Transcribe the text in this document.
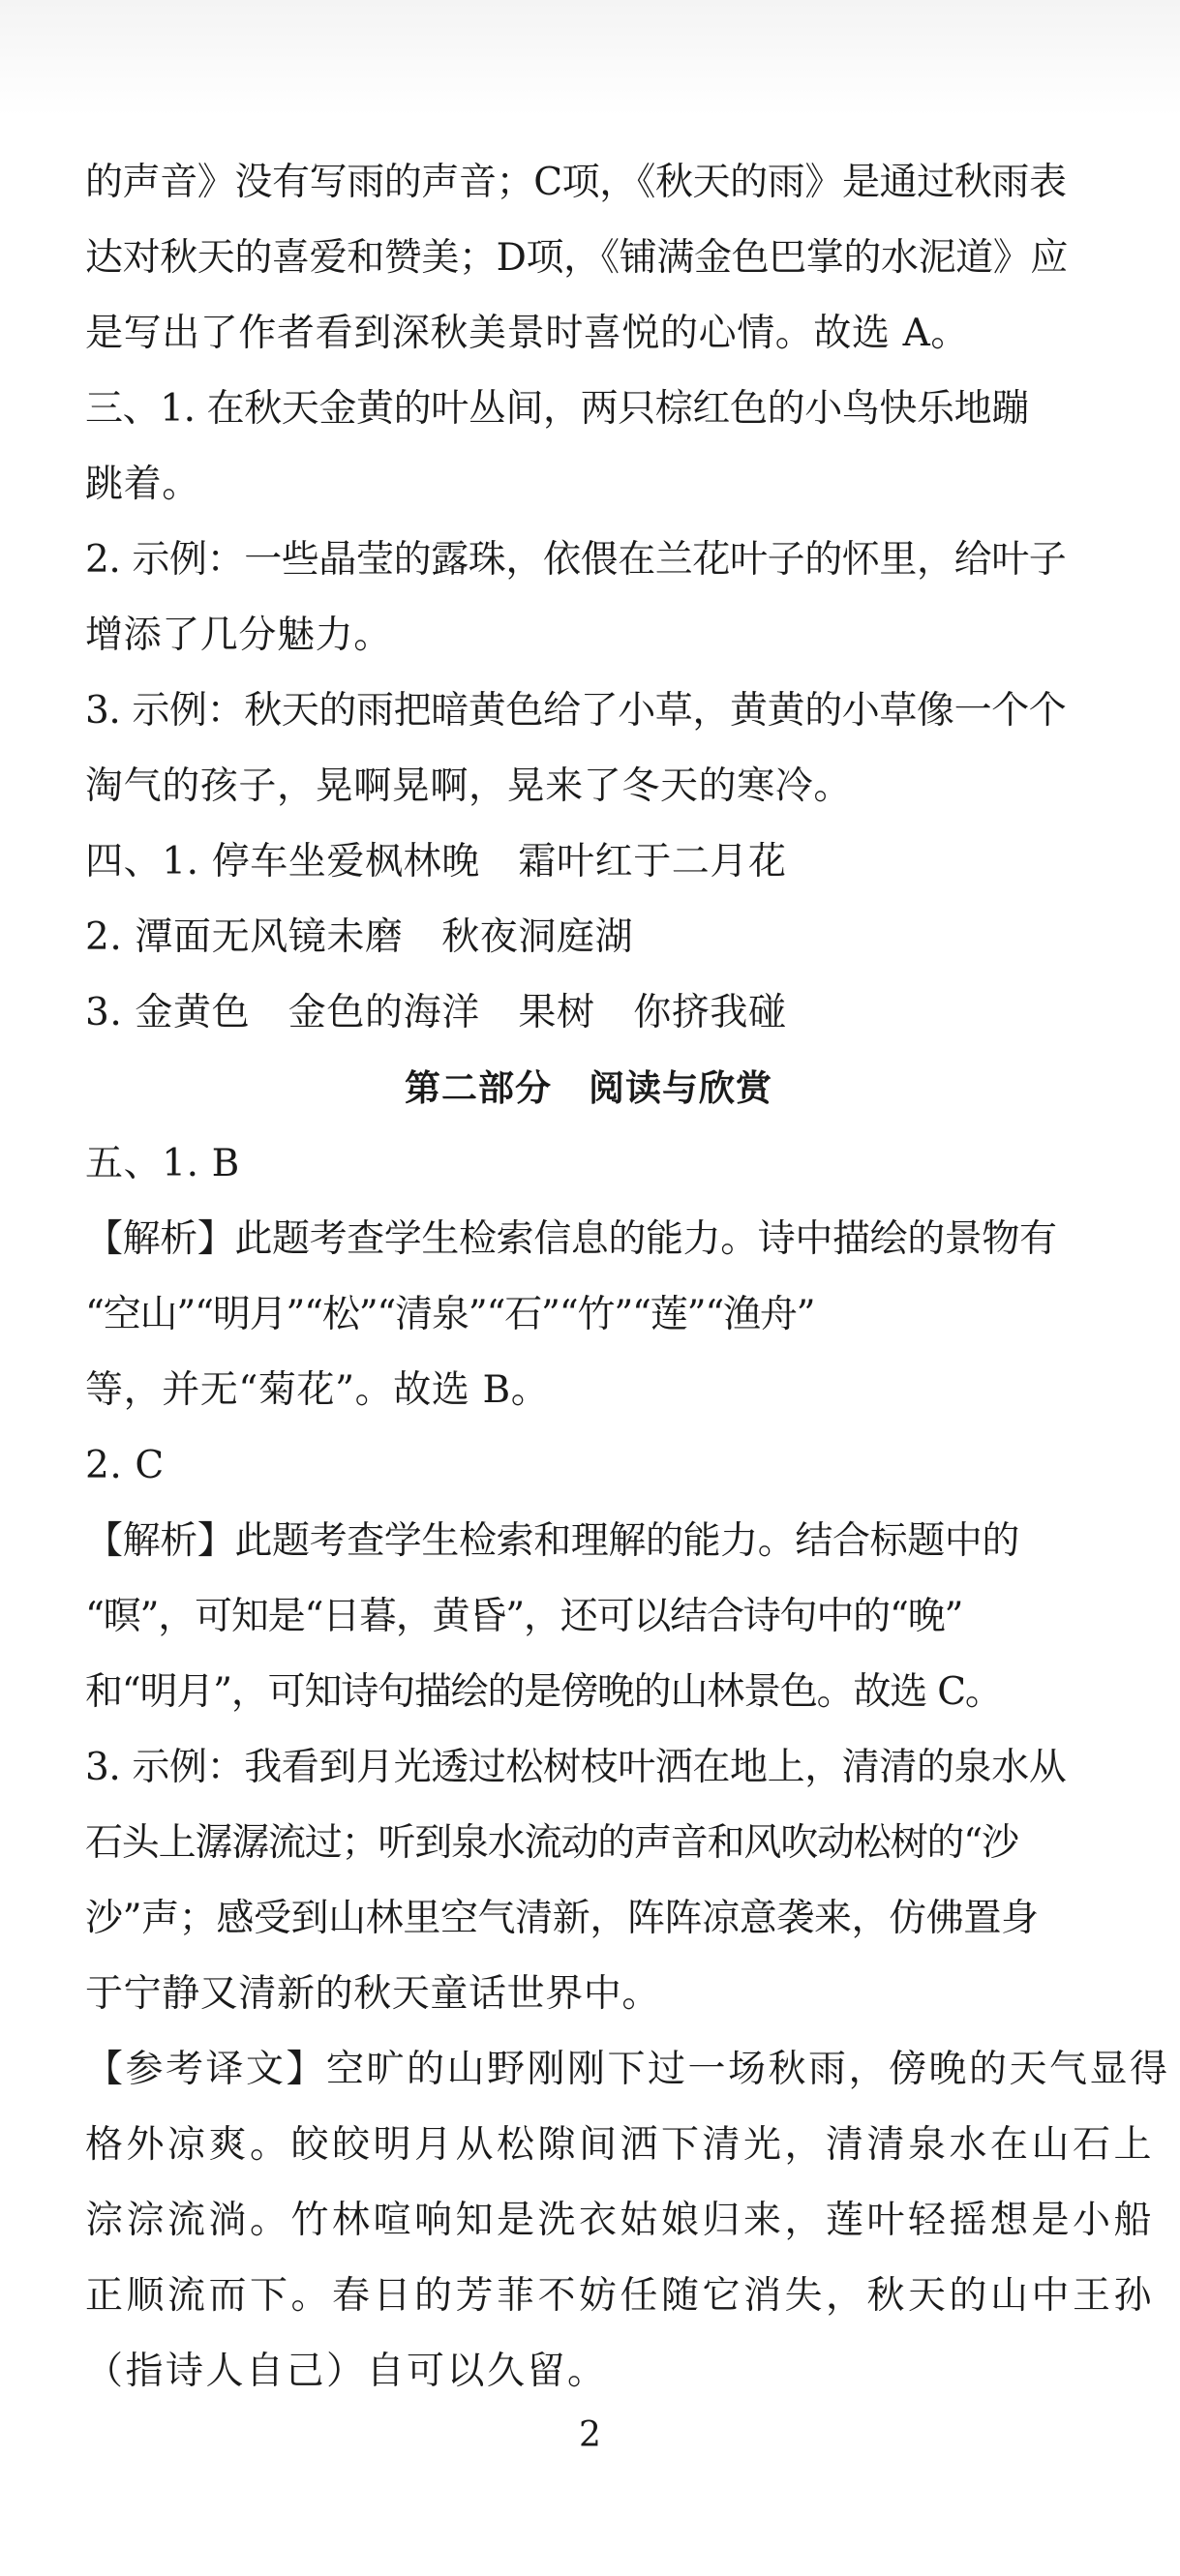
的声音》没有写雨的声音；C项，《秋天的雨》是通过秋雨表
达对秋天的喜爱和赞美；D项，《铺满金色巴掌的水泥道》应
是写出了作者看到深秋美景时喜悦的心情。故选 A。
三、1. 在秋天金黄的叶丛间，两只棕红色的小鸟快乐地蹦
跳着。
2. 示例：一些晶莹的露珠，依偎在兰花叶子的怀里，给叶子
增添了几分魅力。
3. 示例：秋天的雨把暗黄色给了小草，黄黄的小草像一个个
淘气的孩子，晃啊晃啊，晃来了冬天的寒冷。
四、1. 停车坐爱枫林晚　霜叶红于二月花
2. 潭面无风镜未磨　秋夜洞庭湖
3. 金黄色　金色的海洋　果树　你挤我碰
第二部分　阅读与欣赏
五、1. B
【解析】此题考查学生检索信息的能力。诗中描绘的景物有
“空山”“明月”“松”“清泉”“石”“竹”“莲”“渔舟”
等，并无“菊花”。故选 B。
2. C
【解析】此题考查学生检索和理解的能力。结合标题中的
“暝”，可知是“日暮，黄昏”，还可以结合诗句中的“晚”
和“明月”，可知诗句描绘的是傍晚的山林景色。故选 C。
3. 示例：我看到月光透过松树枝叶洒在地上，清清的泉水从
石头上潺潺流过；听到泉水流动的声音和风吹动松树的“沙
沙”声；感受到山林里空气清新，阵阵凉意袭来，仿佛置身
于宁静又清新的秋天童话世界中。
【参考译文】空旷的山野刚刚下过一场秋雨，傍晚的天气显得
格外凉爽。皎皎明月从松隙间洒下清光，清清泉水在山石上
淙淙流淌。竹林喧响知是洗衣姑娘归来，莲叶轻摇想是小船
正顺流而下。春日的芳菲不妨任随它消失，秋天的山中王孙
（指诗人自己）自可以久留。
2
